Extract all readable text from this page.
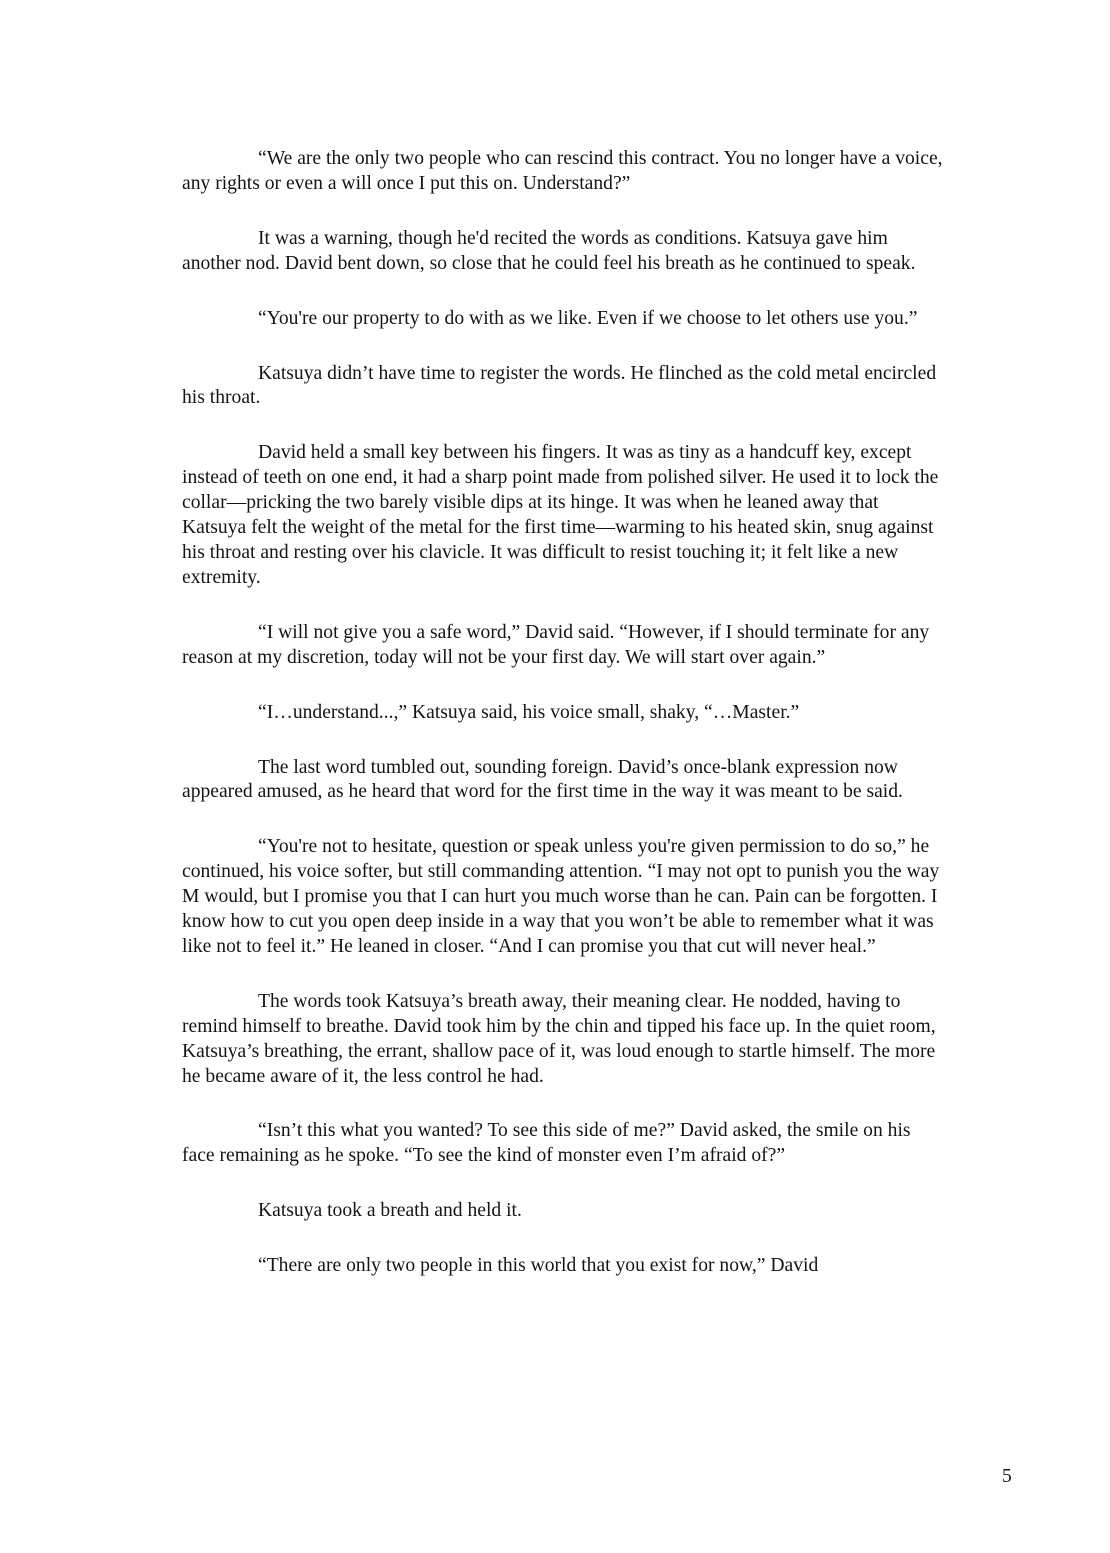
“We are the only two people who can rescind this contract. You no longer have a voice, any rights or even a will once I put this on. Understand?”

It was a warning, though he'd recited the words as conditions. Katsuya gave him another nod. David bent down, so close that he could feel his breath as he continued to speak.

“You're our property to do with as we like. Even if we choose to let others use you.”

Katsuya didn’t have time to register the words. He flinched as the cold metal encircled his throat.

David held a small key between his fingers. It was as tiny as a handcuff key, except instead of teeth on one end, it had a sharp point made from polished silver. He used it to lock the collar—pricking the two barely visible dips at its hinge. It was when he leaned away that Katsuya felt the weight of the metal for the first time—warming to his heated skin, snug against his throat and resting over his clavicle. It was difficult to resist touching it; it felt like a new extremity.

“I will not give you a safe word,” David said. “However, if I should terminate for any reason at my discretion, today will not be your first day. We will start over again.”

“I…understand...,” Katsuya said, his voice small, shaky, “…Master.”

The last word tumbled out, sounding foreign. David’s once-blank expression now appeared amused, as he heard that word for the first time in the way it was meant to be said.

“You're not to hesitate, question or speak unless you're given permission to do so,” he continued, his voice softer, but still commanding attention. “I may not opt to punish you the way M would, but I promise you that I can hurt you much worse than he can. Pain can be forgotten. I know how to cut you open deep inside in a way that you won’t be able to remember what it was like not to feel it.” He leaned in closer. “And I can promise you that cut will never heal.”

The words took Katsuya’s breath away, their meaning clear. He nodded, having to remind himself to breathe. David took him by the chin and tipped his face up. In the quiet room, Katsuya’s breathing, the errant, shallow pace of it, was loud enough to startle himself. The more he became aware of it, the less control he had.

“Isn’t this what you wanted? To see this side of me?” David asked, the smile on his face remaining as he spoke. “To see the kind of monster even I’m afraid of?”

Katsuya took a breath and held it.

“There are only two people in this world that you exist for now,” David

5
